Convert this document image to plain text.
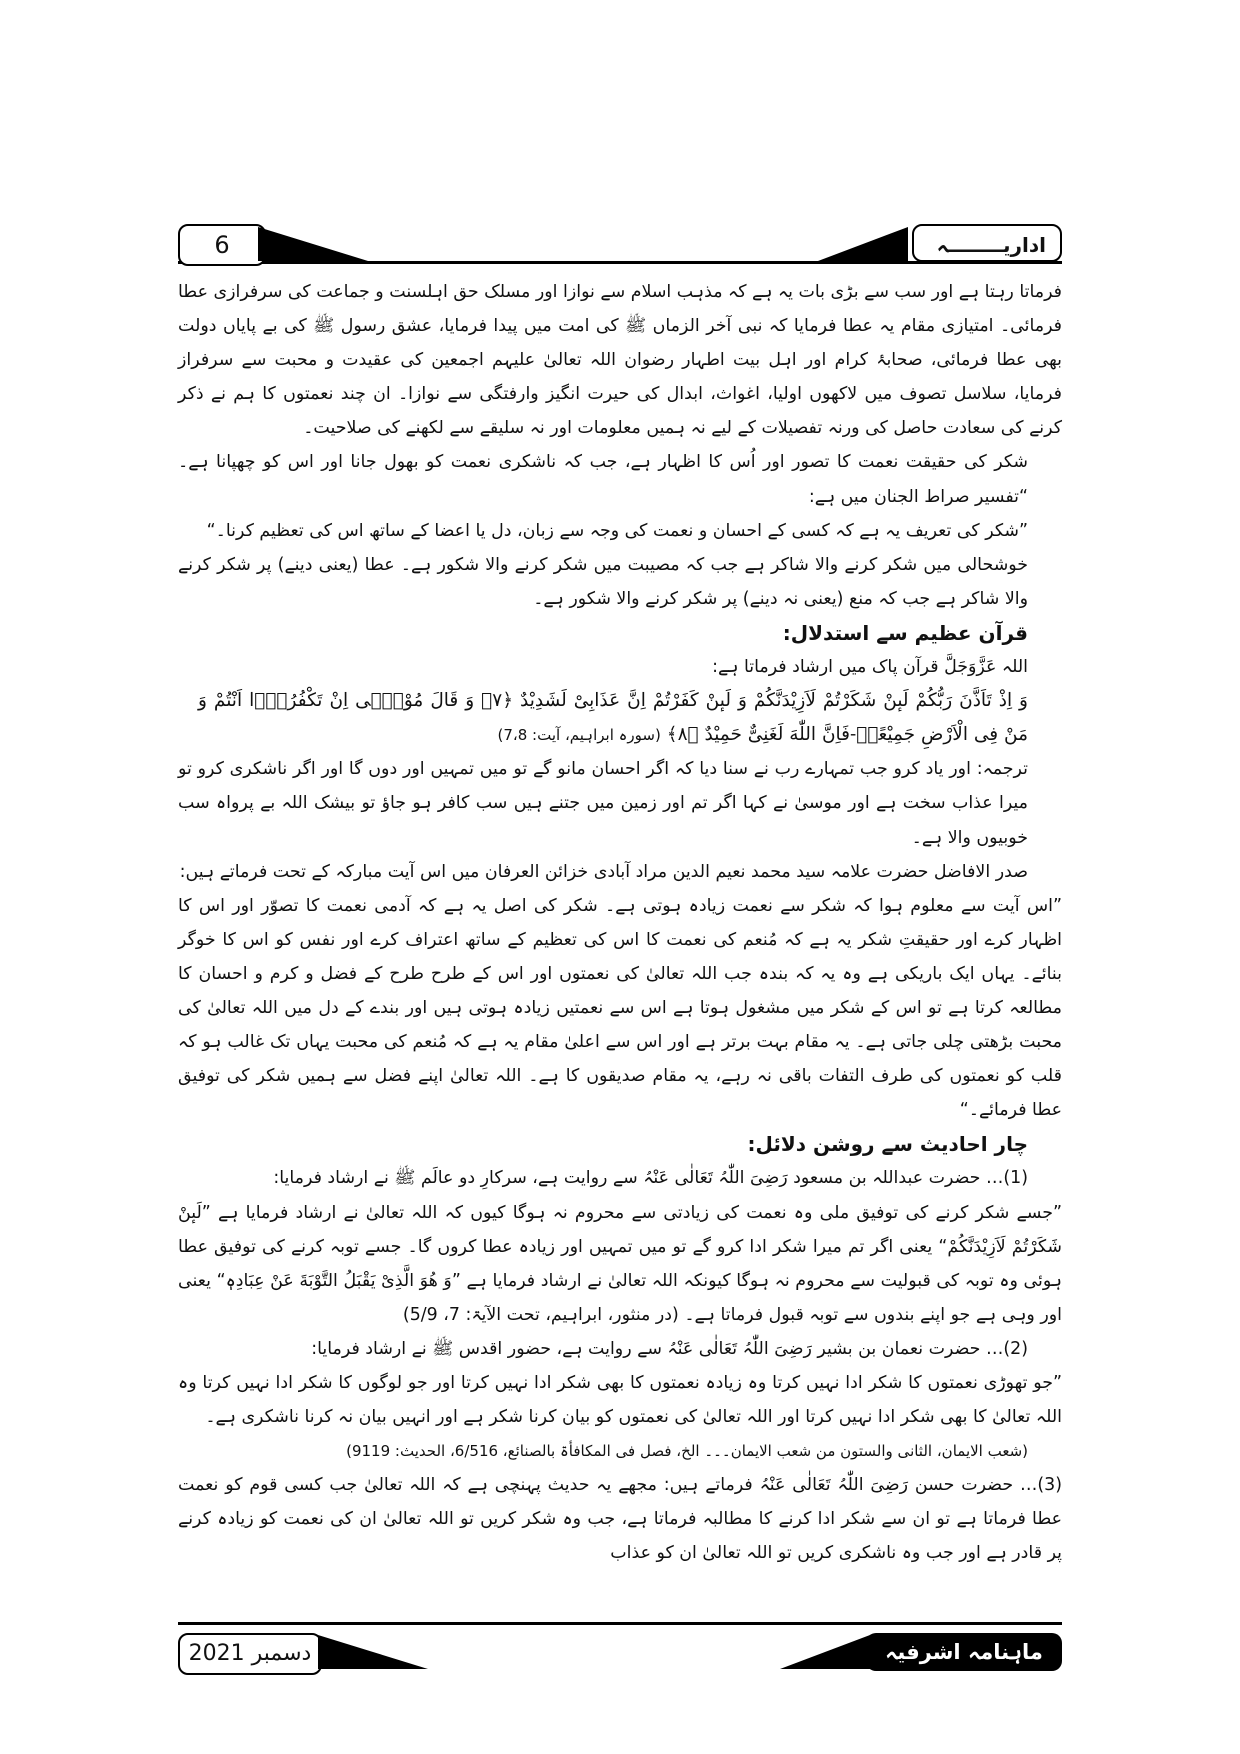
6	اداریــــــــہ

فرماتا رہتا ہے اور سب سے بڑی بات یہ ہے کہ مذہب اسلام سے نوازا اور مسلک حق اہلسنت و جماعت کی سرفرازی عطا فرمائی۔ امتیازی مقام یہ عطا فرمایا کہ نبی آخر الزماں ﷺ کی امت میں پیدا فرمایا، عشق رسول ﷺ کی بے پایاں دولت بھی عطا فرمائی، صحابۂ کرام اور اہل بیت اطہار رضوان اللہ تعالیٰ علیہم اجمعین کی عقیدت و محبت سے سرفراز فرمایا، سلاسل تصوف میں لاکھوں اولیا، اغواث، ابدال کی حیرت انگیز وارفتگی سے نوازا۔ ان چند نعمتوں کا ہم نے ذکر کرنے کی سعادت حاصل کی ورنہ تفصیلات کے لیے نہ ہمیں معلومات اور نہ سلیقے سے لکھنے کی صلاحیت۔

شکر کی حقیقت نعمت کا تصور اور اُس کا اظہار ہے، جب کہ ناشکری نعمت کو بھول جانا اور اس کو چھپانا ہے۔ “تفسیر صراط الجنان میں ہے:

”شکر کی تعریف یہ ہے کہ کسی کے احسان و نعمت کی وجہ سے زبان، دل یا اعضا کے ساتھ اس کی تعظیم کرنا۔“

خوشحالی میں شکر کرنے والا شاکر ہے جب کہ مصیبت میں شکر کرنے والا شکور ہے۔ عطا (یعنی دینے) پر شکر کرنے والا شاکر ہے جب کہ منع (یعنی نہ دینے) پر شکر کرنے والا شکور ہے۔

قرآن عظیم سے استدلال:

اللہ عَزَّوَجَلَّ قرآن پاک میں ارشاد فرماتا ہے:

وَ اِذْ تَاَذَّنَ رَبُّكُمْ لَىٕنْ شَكَرْتُمْ لَاَزِیْدَنَّكُمْ وَ لَىٕنْ كَفَرْتُمْ اِنَّ عَذَابِیْ لَشَدِیْدٌ ﴿۷﴾ وَ قَالَ مُوْسٰۤى اِنْ تَكْفُرُوْۤا اَنْتُمْ وَ مَنْ فِی الْاَرْضِ جَمِیْعًاۙ-فَاِنَّ اللّٰهَ لَغَنِیٌّ حَمِیْدٌ ﴿۸﴾ (سورہ ابراہیم، آیت: 7،8)

ترجمہ: اور یاد کرو جب تمہارے رب نے سنا دیا کہ اگر احسان مانو گے تو میں تمہیں اور دوں گا اور اگر ناشکری کرو تو میرا عذاب سخت ہے اور موسیٰ نے کہا اگر تم اور زمین میں جتنے ہیں سب کافر ہو جاؤ تو بیشک اللہ بے پرواہ سب خوبیوں والا ہے۔

صدر الافاضل حضرت علامہ سید محمد نعیم الدین مراد آبادی خزائن العرفان میں اس آیت مبارکہ کے تحت فرماتے ہیں:

”اس آیت سے معلوم ہوا کہ شکر سے نعمت زیادہ ہوتی ہے۔ شکر کی اصل یہ ہے کہ آدمی نعمت کا تصوّر اور اس کا اظہار کرے اور حقیقتِ شکر یہ ہے کہ مُنعم کی نعمت کا اس کی تعظیم کے ساتھ اعتراف کرے اور نفس کو اس کا خوگر بنائے۔ یہاں ایک باریکی ہے وہ یہ کہ بندہ جب اللہ تعالیٰ کی نعمتوں اور اس کے طرح طرح کے فضل و کرم و احسان کا مطالعہ کرتا ہے تو اس کے شکر میں مشغول ہوتا ہے اس سے نعمتیں زیادہ ہوتی ہیں اور بندے کے دل میں اللہ تعالیٰ کی محبت بڑھتی چلی جاتی ہے۔ یہ مقام بہت برتر ہے اور اس سے اعلیٰ مقام یہ ہے کہ مُنعم کی محبت یہاں تک غالب ہو کہ قلب کو نعمتوں کی طرف التفات باقی نہ رہے، یہ مقام صدیقوں کا ہے۔ اللہ تعالیٰ اپنے فضل سے ہمیں شکر کی توفیق عطا فرمائے۔“

چار احادیث سے روشن دلائل:

(1)… حضرت عبداللہ بن مسعود رَضِیَ اللّٰہُ تَعَالٰی عَنْہُ سے روایت ہے، سرکارِ دو عالَم ﷺ نے ارشاد فرمایا:

”جسے شکر کرنے کی توفیق ملی وہ نعمت کی زیادتی سے محروم نہ ہوگا کیوں کہ اللہ تعالیٰ نے ارشاد فرمایا ہے ”لَىٕنْ شَكَرْتُمْ لَاَزِیْدَنَّكُمْ“ یعنی اگر تم میرا شکر ادا کرو گے تو میں تمہیں اور زیادہ عطا کروں گا۔ جسے توبہ کرنے کی توفیق عطا ہوئی وہ توبہ کی قبولیت سے محروم نہ ہوگا کیونکہ اللہ تعالیٰ نے ارشاد فرمایا ہے ”وَ هُوَ الَّذِیْ یَقْبَلُ التَّوْبَةَ عَنْ عِبَادِهٖ“ یعنی اور وہی ہے جو اپنے بندوں سے توبہ قبول فرماتا ہے۔ (در منثور، ابراہیم، تحت الآیۃ: 7، 5/9)

(2)… حضرت نعمان بن بشیر رَضِیَ اللّٰہُ تَعَالٰی عَنْہُ سے روایت ہے، حضور اقدس ﷺ نے ارشاد فرمایا:

”جو تھوڑی نعمتوں کا شکر ادا نہیں کرتا وہ زیادہ نعمتوں کا بھی شکر ادا نہیں کرتا اور جو لوگوں کا شکر ادا نہیں کرتا وہ اللہ تعالیٰ کا بھی شکر ادا نہیں کرتا اور اللہ تعالیٰ کی نعمتوں کو بیان کرنا شکر ہے اور انہیں بیان نہ کرنا ناشکری ہے۔

(شعب الایمان، الثانی والستون من شعب الایمان۔۔۔ الخ، فصل فی المکافأۃ بالصنائع، 6/516، الحدیث: 9119)

(3)… حضرت حسن رَضِیَ اللّٰہُ تَعَالٰی عَنْہُ فرماتے ہیں: مجھے یہ حدیث پہنچی ہے کہ اللہ تعالیٰ جب کسی قوم کو نعمت عطا فرماتا ہے تو ان سے شکر ادا کرنے کا مطالبہ فرماتا ہے، جب وہ شکر کریں تو اللہ تعالیٰ ان کی نعمت کو زیادہ کرنے پر قادر ہے اور جب وہ ناشکری کریں تو اللہ تعالیٰ ان کو عذاب

دسمبر 2021	ماہنامہ اشرفیہ
